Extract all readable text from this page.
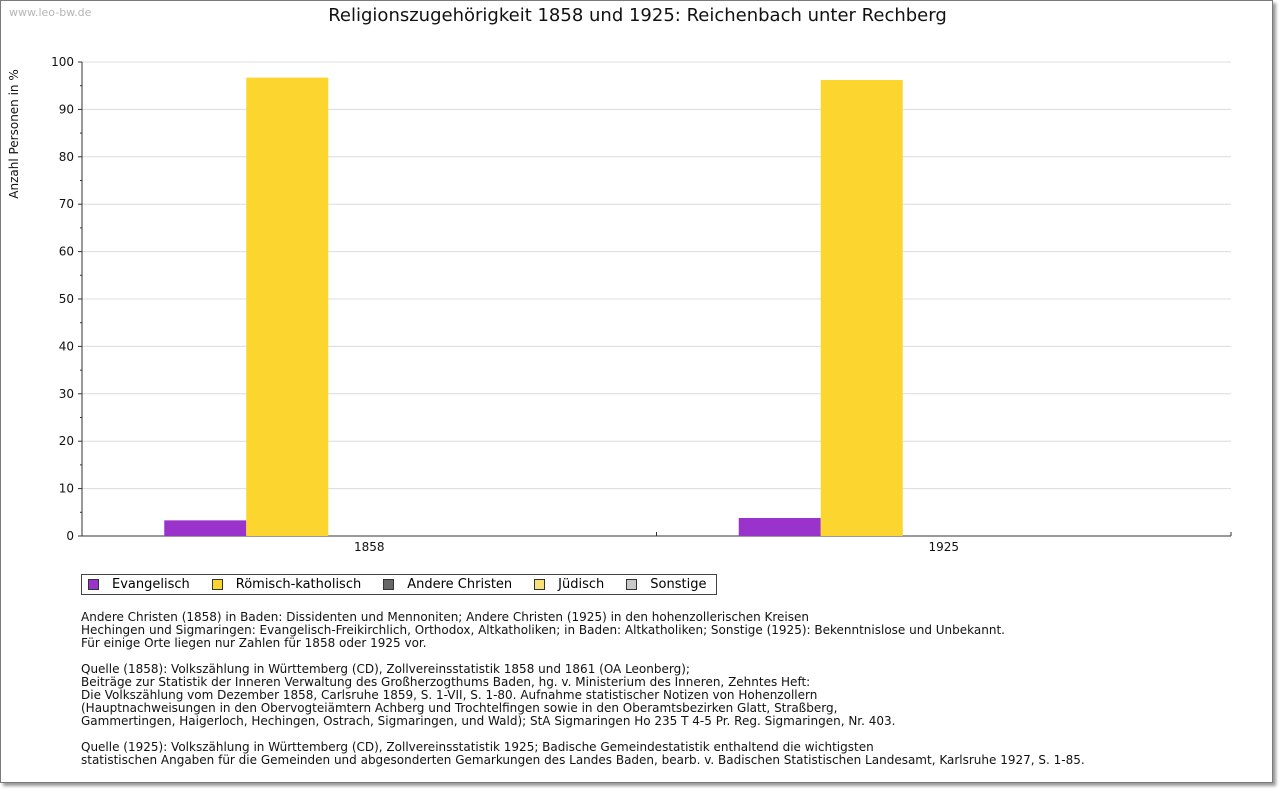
www.leo-bw.de	Religionszugehörigkeit 1858 und 1925: Reichenbach unter Rechberg
0
10
20
30
40
50
60
70
80
90
100
Anzahl Personen in %
1858	1925
Evangelisch	Römisch-katholisch	Andere Christen	Jüdisch	Sonstige

Andere Christen (1858) in Baden: Dissidenten und Mennoniten; Andere Christen (1925) in den hohenzollerischen Kreisen
Hechingen und Sigmaringen: Evangelisch-Freikirchlich, Orthodox, Altkatholiken; in Baden: Altkatholiken; Sonstige (1925): Bekenntnislose und Unbekannt.
Für einige Orte liegen nur Zahlen für 1858 oder 1925 vor.

Quelle (1858): Volkszählung in Württemberg (CD), Zollvereinsstatistik 1858 und 1861 (OA Leonberg);
Beiträge zur Statistik der Inneren Verwaltung des Großherzogthums Baden, hg. v. Ministerium des Inneren, Zehntes Heft:
Die Volkszählung vom Dezember 1858, Carlsruhe 1859, S. 1-VII, S. 1-80. Aufnahme statistischer Notizen von Hohenzollern
(Hauptnachweisungen in den Obervogteiämtern Achberg und Trochtelfingen sowie in den Oberamtsbezirken Glatt, Straßberg,
Gammertingen, Haigerloch, Hechingen, Ostrach, Sigmaringen, und Wald); StA Sigmaringen Ho 235 T 4-5 Pr. Reg. Sigmaringen, Nr. 403.

Quelle (1925): Volkszählung in Württemberg (CD), Zollvereinsstatistik 1925; Badische Gemeindestatistik enthaltend die wichtigsten
statistischen Angaben für die Gemeinden und abgesonderten Gemarkungen des Landes Baden, bearb. v. Badischen Statistischen Landesamt, Karlsruhe 1927, S. 1-85.
